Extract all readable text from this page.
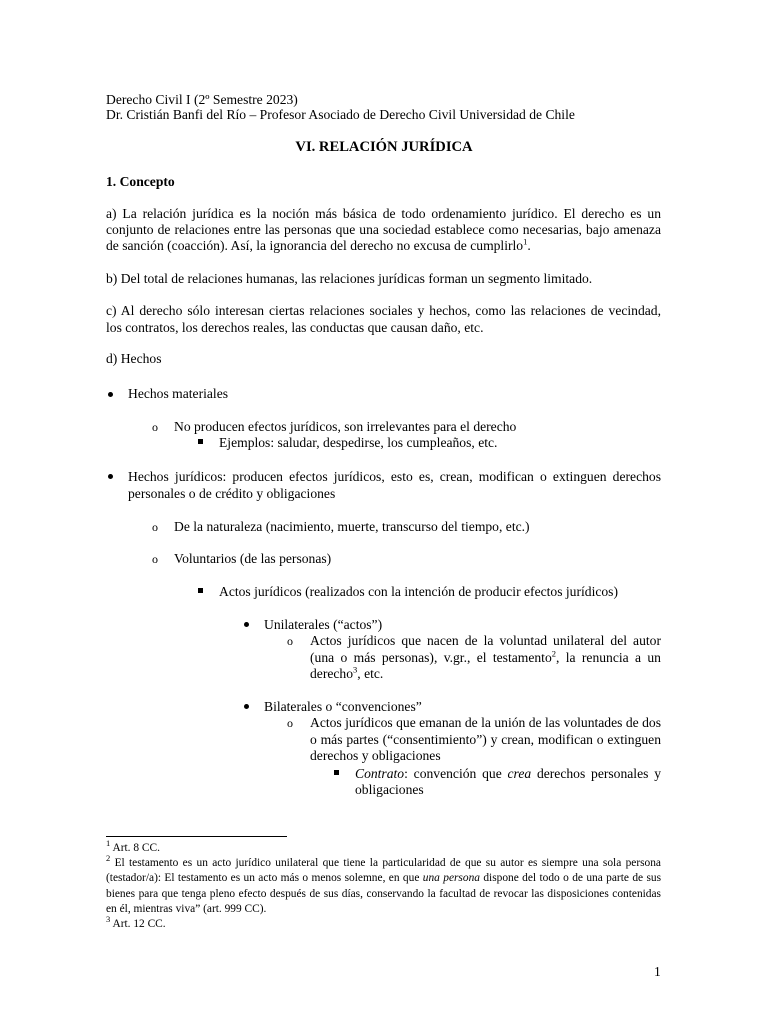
Derecho Civil I (2º Semestre 2023)
Dr. Cristián Banfi del Río – Profesor Asociado de Derecho Civil Universidad de Chile
VI. RELACIÓN JURÍDICA
1. Concepto
a) La relación jurídica es la noción más básica de todo ordenamiento jurídico. El derecho es un
conjunto de relaciones entre las personas que una sociedad establece como necesarias, bajo amenaza
de sanción (coacción). Así, la ignorancia del derecho no excusa de cumplirlo$^1$.
b) Del total de relaciones humanas, las relaciones jurídicas forman un segmento limitado.
c) Al derecho sólo interesan ciertas relaciones sociales y hechos, como las relaciones de vecindad,
los contratos, los derechos reales, las conductas que causan daño, etc.
d) Hechos
Hechos materiales
o No producen efectos jurídicos, son irrelevantes para el derecho
Ejemplos: saludar, despedirse, los cumpleaños, etc.
Hechos jurídicos: producen efectos jurídicos, esto es, crean, modifican o extinguen derechos
personales o de crédito y obligaciones
o De la naturaleza (nacimiento, muerte, transcurso del tiempo, etc.)
o Voluntarios (de las personas)
Actos jurídicos (realizados con la intención de producir efectos jurídicos)
Unilaterales (“actos”)
o Actos jurídicos que nacen de la voluntad unilateral del autor
(una o más personas), v.gr., el testamento$^2$, la renuncia a un
derecho$^3$, etc.
Bilaterales o “convenciones”
o Actos jurídicos que emanan de la unión de las voluntades de dos
o más partes (“consentimiento”) y crean, modifican o extinguen
derechos y obligaciones
Contrato: convención que crea derechos personales y
obligaciones
$^1$ Art. 8 CC.
$^2$ El testamento es un acto jurídico unilateral que tiene la particularidad de que su autor es siempre una sola persona (testador/a): El testamento es un acto más o menos solemne, en que una persona dispone del todo o de una parte de sus bienes para que tenga pleno efecto después de sus días, conservando la facultad de revocar las disposiciones contenidas en él, mientras viva” (art. 999 CC).
$^3$ Art. 12 CC.
1
